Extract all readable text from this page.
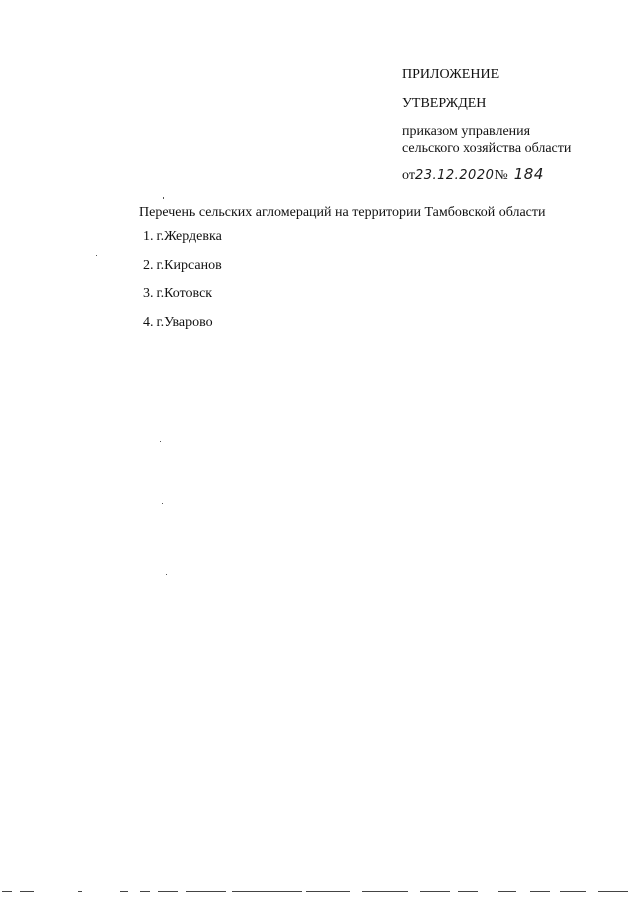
ПРИЛОЖЕНИЕ
УТВЕРЖДЕН
приказом управления
сельского хозяйства области
от 23.12.2020 № 184
Перечень сельских агломераций на территории Тамбовской области
1. г.Жердевка
2. г.Кирсанов
3. г.Котовск
4. г.Уварово
